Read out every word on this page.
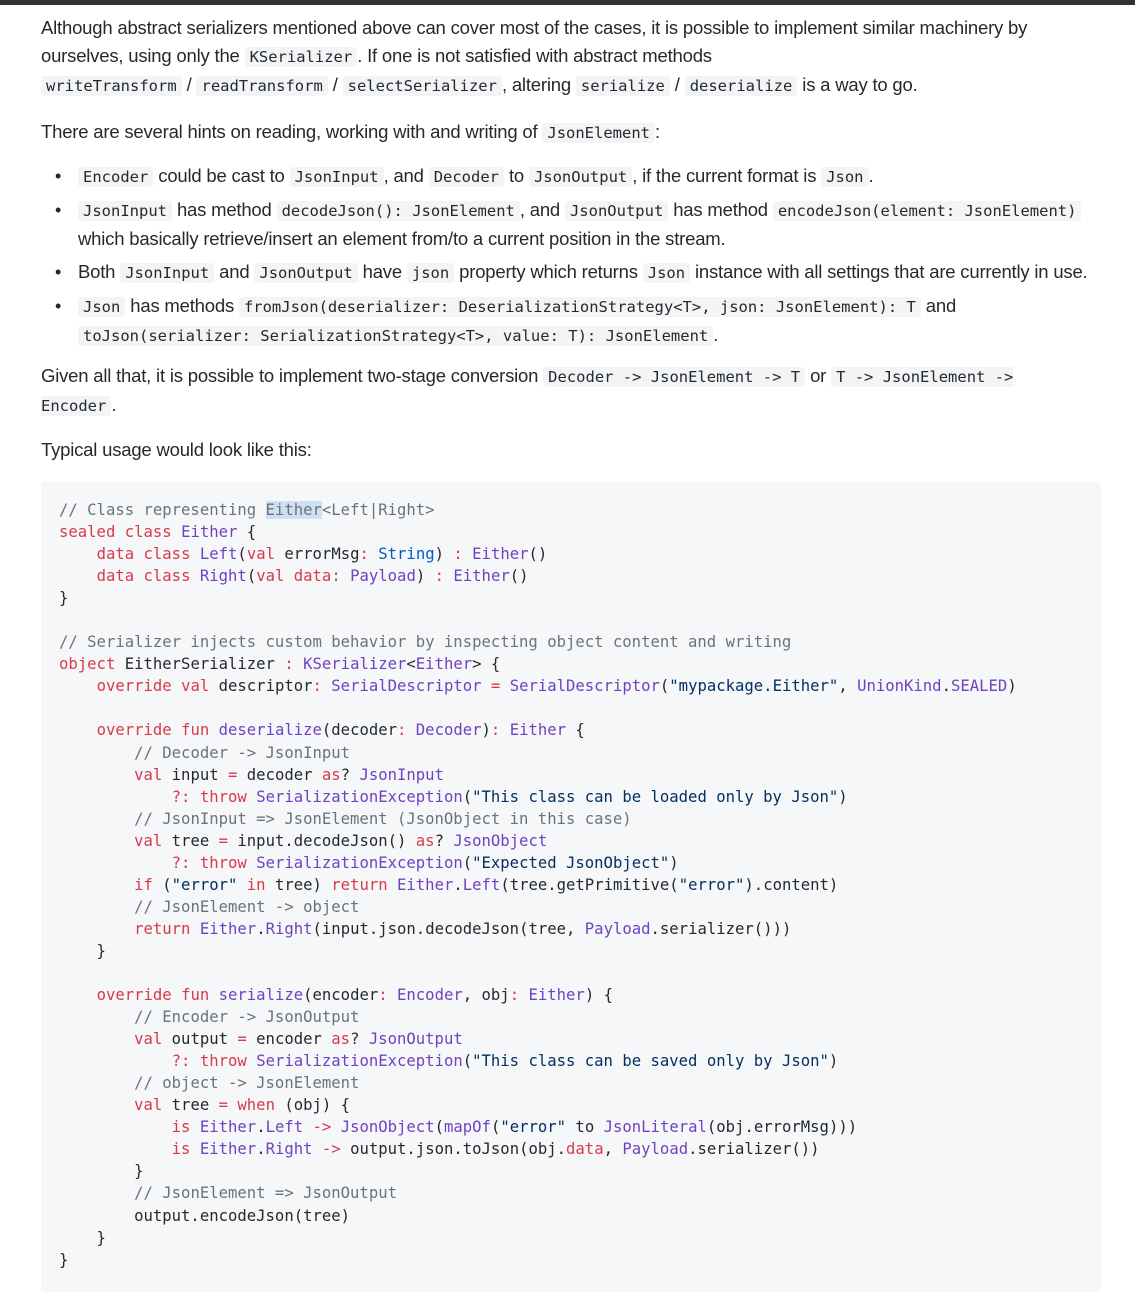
Although abstract serializers mentioned above can cover most of the cases, it is possible to implement similar machinery by ourselves, using only the KSerializer . If one is not satisfied with abstract methods
writeTransform / readTransform / selectSerializer , altering serialize / deserialize is a way to go.

There are several hints on reading, working with and writing of JsonElement :

• Encoder could be cast to JsonInput , and Decoder to JsonOutput , if the current format is Json .
• JsonInput has method decodeJson(): JsonElement , and JsonOutput has method encodeJson(element: JsonElement)
which basically retrieve/insert an element from/to a current position in the stream.
• Both JsonInput and JsonOutput have json property which returns Json instance with all settings that are currently in use.
• Json has methods fromJson(deserializer: DeserializationStrategy<T>, json: JsonElement): T and
toJson(serializer: SerializationStrategy<T>, value: T): JsonElement .

Given all that, it is possible to implement two-stage conversion Decoder -> JsonElement -> T or T -> JsonElement -> Encoder .

Typical usage would look like this:

// Class representing Either<Left|Right>
sealed class Either {
data class Left(val errorMsg: String) : Either()
data class Right(val data: Payload) : Either()
}

// Serializer injects custom behavior by inspecting object content and writing
object EitherSerializer : KSerializer<Either> {
override val descriptor: SerialDescriptor = SerialDescriptor("mypackage.Either", UnionKind.SEALED)

override fun deserialize(decoder: Decoder): Either {
// Decoder -> JsonInput
val input = decoder as? JsonInput
?: throw SerializationException("This class can be loaded only by Json")
// JsonInput => JsonElement (JsonObject in this case)
val tree = input.decodeJson() as? JsonObject
?: throw SerializationException("Expected JsonObject")
if ("error" in tree) return Either.Left(tree.getPrimitive("error").content)
// JsonElement -> object
return Either.Right(input.json.decodeJson(tree, Payload.serializer()))
}

override fun serialize(encoder: Encoder, obj: Either) {
// Encoder -> JsonOutput
val output = encoder as? JsonOutput
?: throw SerializationException("This class can be saved only by Json")
// object -> JsonElement
val tree = when (obj) {
is Either.Left -> JsonObject(mapOf("error" to JsonLiteral(obj.errorMsg)))
is Either.Right -> output.json.toJson(obj.data, Payload.serializer())
}
// JsonElement => JsonOutput
output.encodeJson(tree)
}
}
